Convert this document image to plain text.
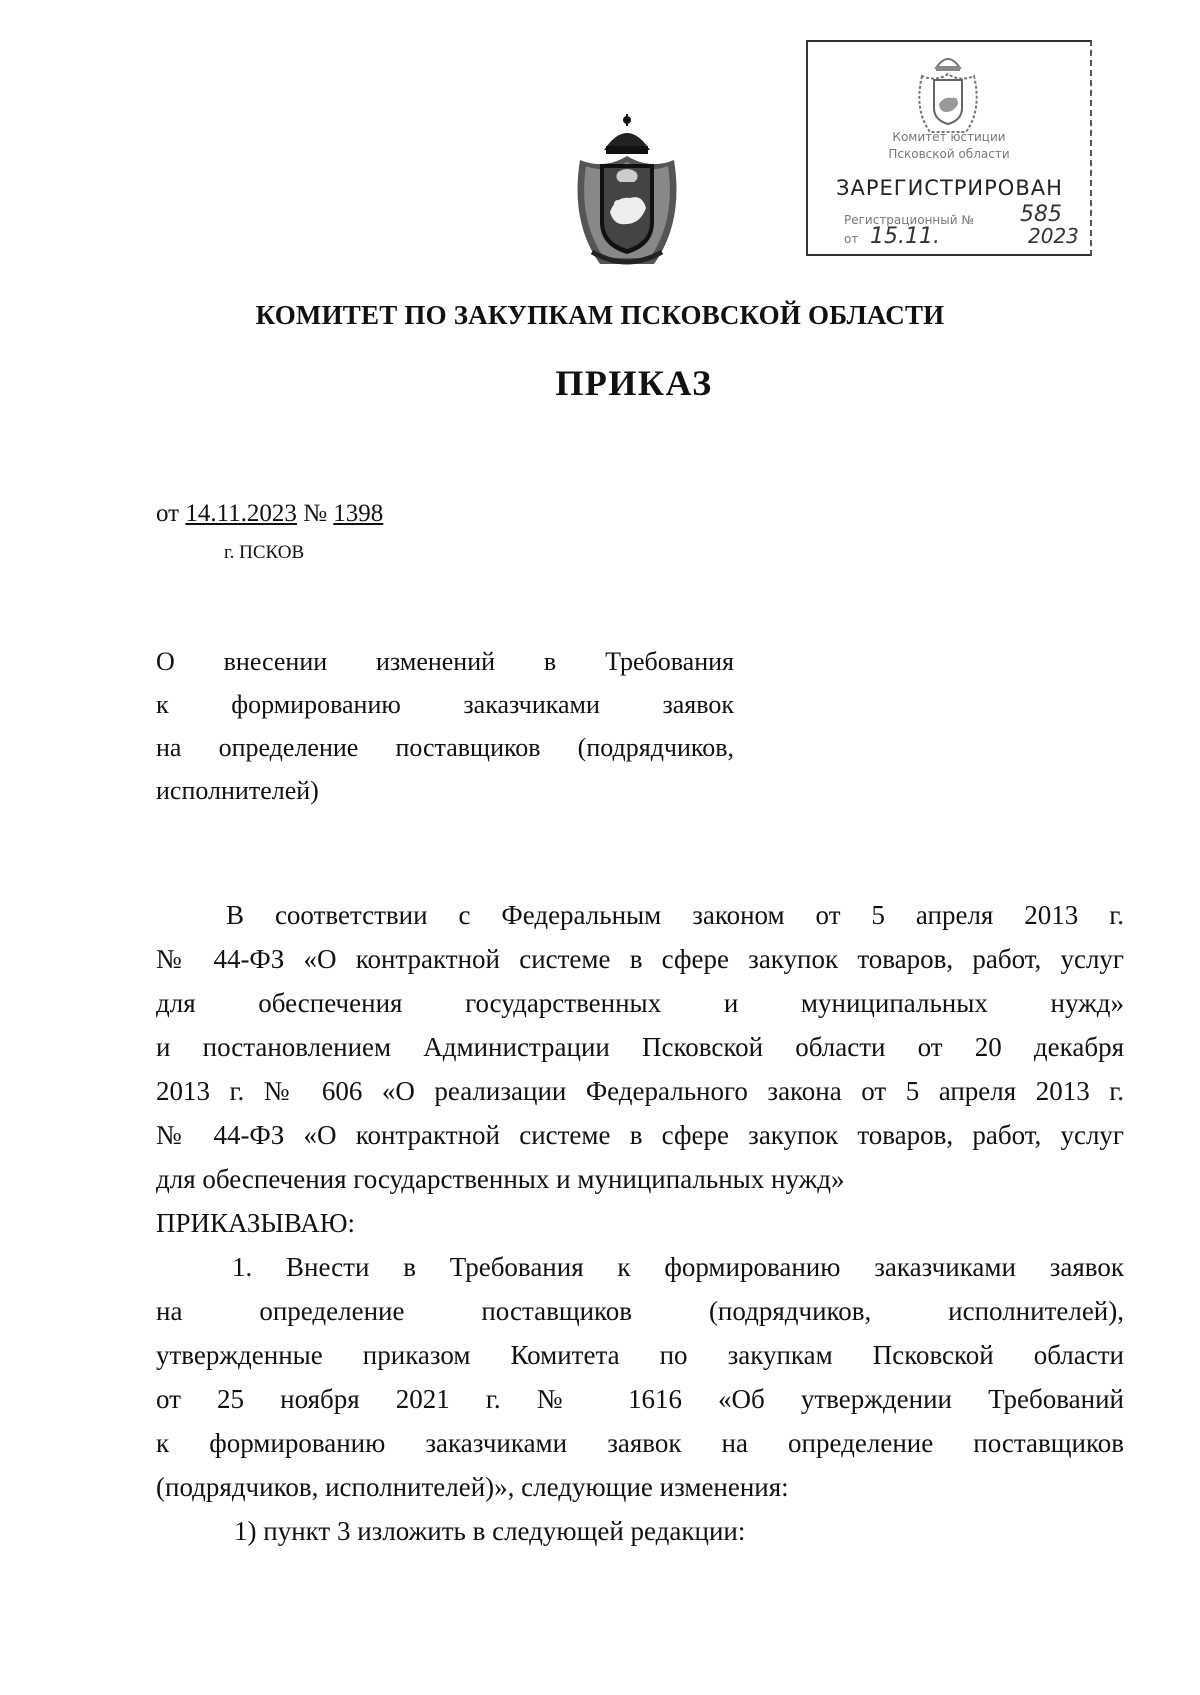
Комитет юстиции
Псковской области
ЗАРЕГИСТРИРОВАН
Регистрационный № 585
от 15.11.	2023
КОМИТЕТ ПО ЗАКУПКАМ ПСКОВСКОЙ ОБЛАСТИ
ПРИКАЗ
от 14.11.2023 № 1398
г. ПСКОВ
О внесении изменений в Требования
к формированию заказчиками заявок
на определение поставщиков (подрядчиков,
исполнителей)
В соответствии с Федеральным законом от 5 апреля 2013 г.
№ 44-ФЗ «О контрактной системе в сфере закупок товаров, работ, услуг
для обеспечения государственных и муниципальных нужд»
и постановлением Администрации Псковской области от 20 декабря
2013 г. № 606 «О реализации Федерального закона от 5 апреля 2013 г.
№ 44-ФЗ «О контрактной системе в сфере закупок товаров, работ, услуг
для обеспечения государственных и муниципальных нужд»
ПРИКАЗЫВАЮ:
1. Внести в Требования к формированию заказчиками заявок
на определение поставщиков (подрядчиков, исполнителей),
утвержденные приказом Комитета по закупкам Псковской области
от 25 ноября 2021 г. № 1616 «Об утверждении Требований
к формированию заказчиками заявок на определение поставщиков
(подрядчиков, исполнителей)», следующие изменения:
1) пункт 3 изложить в следующей редакции:
